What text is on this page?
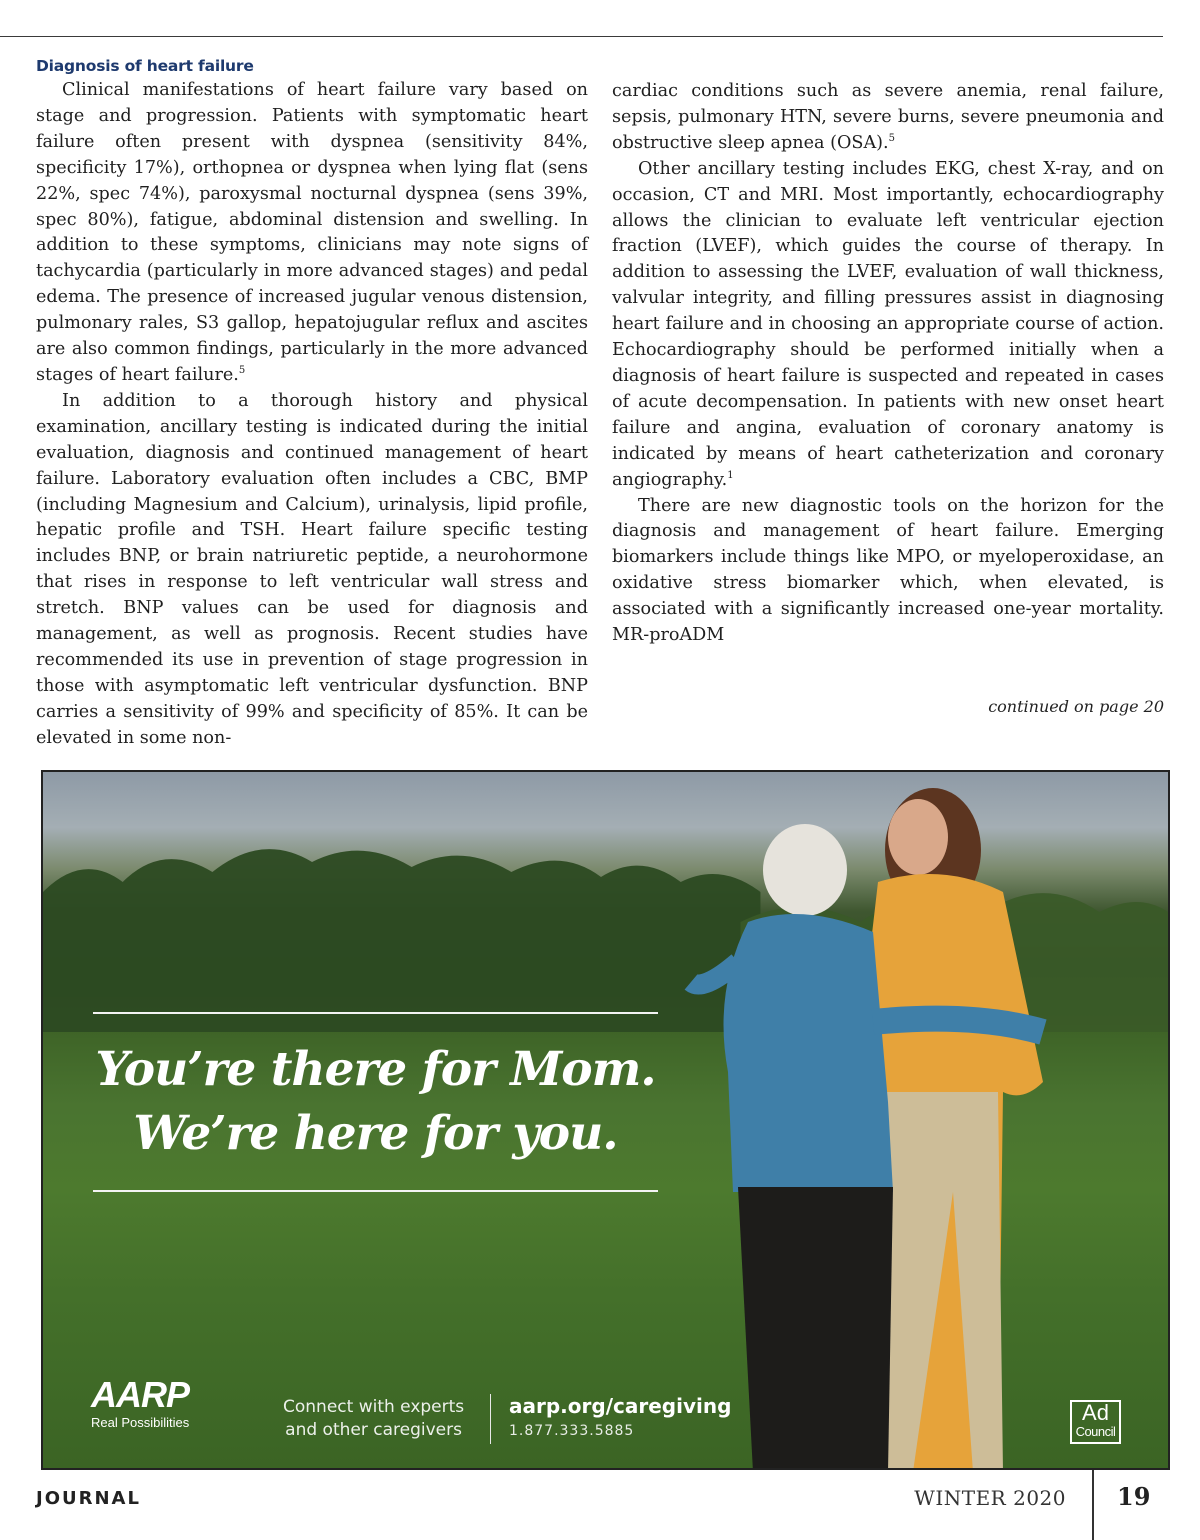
Diagnosis of heart failure

Clinical manifestations of heart failure vary based on stage and progression. Patients with symptomatic heart failure often present with dyspnea (sensitivity 84%, specificity 17%), orthopnea or dyspnea when lying flat (sens 22%, spec 74%), paroxysmal nocturnal dyspnea (sens 39%, spec 80%), fatigue, abdominal distension and swelling. In addition to these symptoms, clinicians may note signs of tachycardia (particularly in more advanced stages) and pedal edema. The presence of increased jugular venous distension, pulmonary rales, S3 gallop, hepatojugular reflux and ascites are also common findings, particularly in the more advanced stages of heart failure.$^5$

In addition to a thorough history and physical examination, ancillary testing is indicated during the initial evaluation, diagnosis and continued management of heart failure. Laboratory evaluation often includes a CBC, BMP (including Magnesium and Calcium), urinalysis, lipid profile, hepatic profile and TSH. Heart failure specific testing includes BNP, or brain natriuretic peptide, a neurohormone that rises in response to left ventricular wall stress and stretch. BNP values can be used for diagnosis and management, as well as prognosis. Recent studies have recommended its use in prevention of stage progression in those with asymptomatic left ventricular dysfunction. BNP carries a sensitivity of 99% and specificity of 85%. It can be elevated in some non-

cardiac conditions such as severe anemia, renal failure, sepsis, pulmonary HTN, severe burns, severe pneumonia and obstructive sleep apnea (OSA).$^5$

Other ancillary testing includes EKG, chest X-ray, and on occasion, CT and MRI. Most importantly, echocardiography allows the clinician to evaluate left ventricular ejection fraction (LVEF), which guides the course of therapy. In addition to assessing the LVEF, evaluation of wall thickness, valvular integrity, and filling pressures assist in diagnosing heart failure and in choosing an appropriate course of action. Echocardiography should be performed initially when a diagnosis of heart failure is suspected and repeated in cases of acute decompensation. In patients with new onset heart failure and angina, evaluation of coronary anatomy is indicated by means of heart catheterization and coronary angiography.$^1$

There are new diagnostic tools on the horizon for the diagnosis and management of heart failure. Emerging biomarkers include things like MPO, or myeloperoxidase, an oxidative stress biomarker which, when elevated, is associated with a significantly increased one-year mortality. MR-proADM

continued on page 20
You’re there for Mom.
We’re here for you.
AARP
Real Possibilities
Connect with experts
and other caregivers
aarp.org/caregiving
1.877.333.5885
Ad
Council
JOURNAL	WINTER 2020 19
